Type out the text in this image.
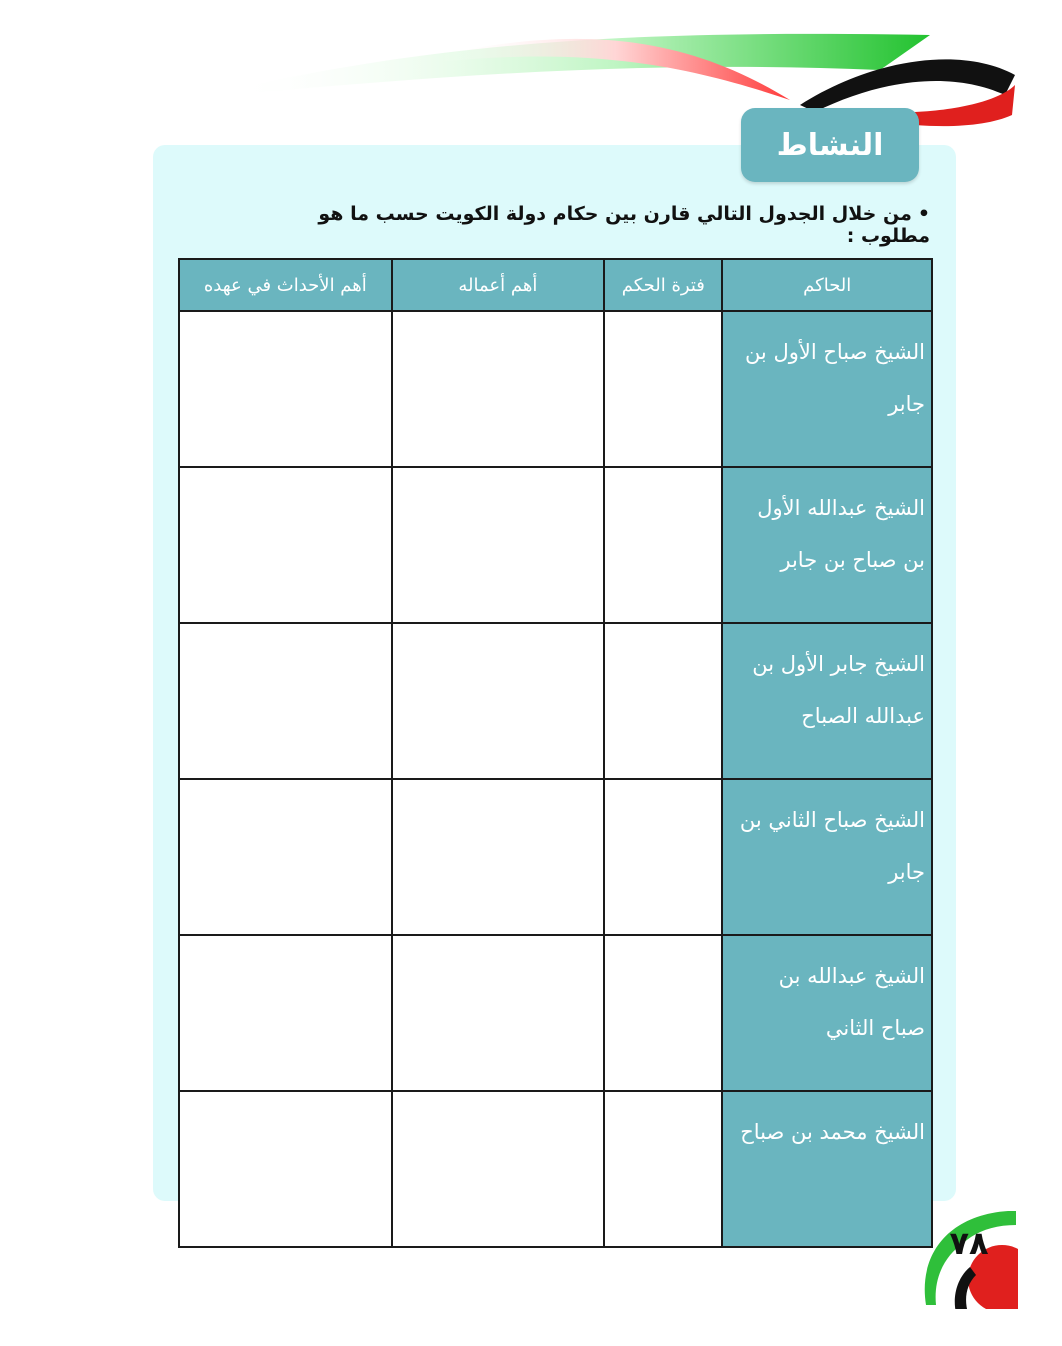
النشاط
•من خلال الجدول التالي قارن بين حكام دولة الكويت حسب ما هو مطلوب :
الحاكم	فترة الحكم	أهم أعماله	أهم الأحداث في عهده
الشيخ صباح الأول بن جابر			
الشيخ عبدالله الأول بن صباح بن جابر			
الشيخ جابر الأول بن عبدالله الصباح			
الشيخ صباح الثاني بن جابر			
الشيخ عبدالله بن صباح الثاني			
الشيخ محمد بن صباح			
٧٨
